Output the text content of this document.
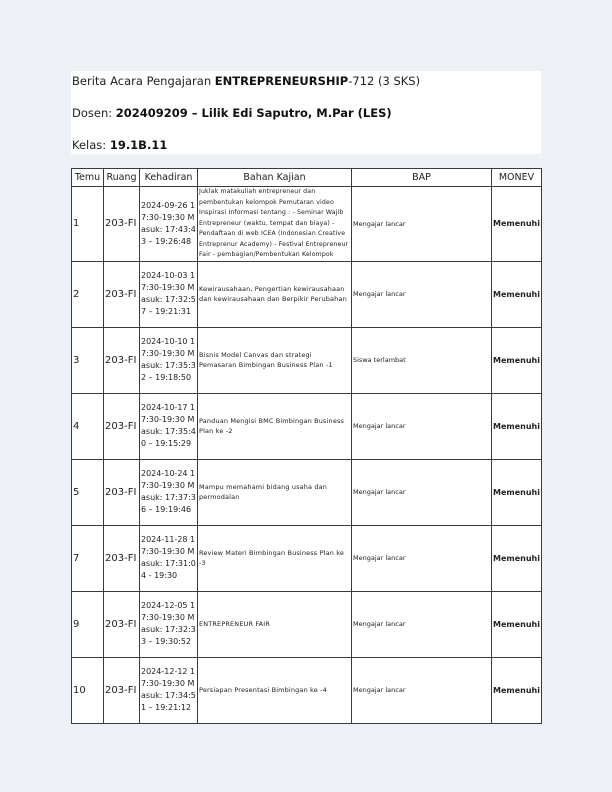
Berita Acara Pengajaran ENTREPRENEURSHIP-712 (3 SKS)
Dosen: 202409209 – Lilik Edi Saputro, M.Par (LES)
Kelas: 19.1B.11
Temu	Ruang	Kehadiran	Bahan Kajian	BAP	MONEV
1	203-FI	2024-09-26 17:30-19:30 Masuk: 17:43:43 – 19:26:48	Juklak matakuliah entrepreneur dan pembentukan kelompok Pemutaran video Inspirasi Informasi tentang : - Seminar Wajib Entrepreneur (waktu, tempat dan biaya) - Pendaftaan di web ICEA (Indonesian Creative Entreprenur Academy) - Festival Entrepreneur Fair - pembagian/Pembentukan Kelompok	Mengajar lancar	Memenuhi
2	203-FI	2024-10-03 17:30-19:30 Masuk: 17:32:57 – 19:21:31	Kewirausahaan, Pengertian kewirausahaan dan kewirausahaan dan Berpikir Perubahan	Mengajar lancar	Memenuhi
3	203-FI	2024-10-10 17:30-19:30 Masuk: 17:35:32 – 19:18:50	Bisnis Model Canvas dan strategi Pemasaran Bimbingan Business Plan -1	Siswa terlambat	Memenuhi
4	203-FI	2024-10-17 17:30-19:30 Masuk: 17:35:40 – 19:15:29	Panduan Mengisi BMC Bimbingan Business Plan ke -2	Mengajar lancar	Memenuhi
5	203-FI	2024-10-24 17:30-19:30 Masuk: 17:37:36 – 19:19:46	Mampu memahami bidang usaha dan permodalan	Mengajar lancar	Memenuhi
7	203-FI	2024-11-28 17:30-19:30 Masuk: 17:31:04 - 19:30	Review Materi Bimbingan Business Plan ke -3	Mengajar lancar	Memenuhi
9	203-FI	2024-12-05 17:30-19:30 Masuk: 17:32:33 – 19:30:52	ENTREPRENEUR FAIR	Mengajar lancar	Memenuhi
10	203-FI	2024-12-12 17:30-19:30 Masuk: 17:34:51 – 19:21:12	Persiapan Presentasi Bimbingan ke -4	Mengajar lancar	Memenuhi
